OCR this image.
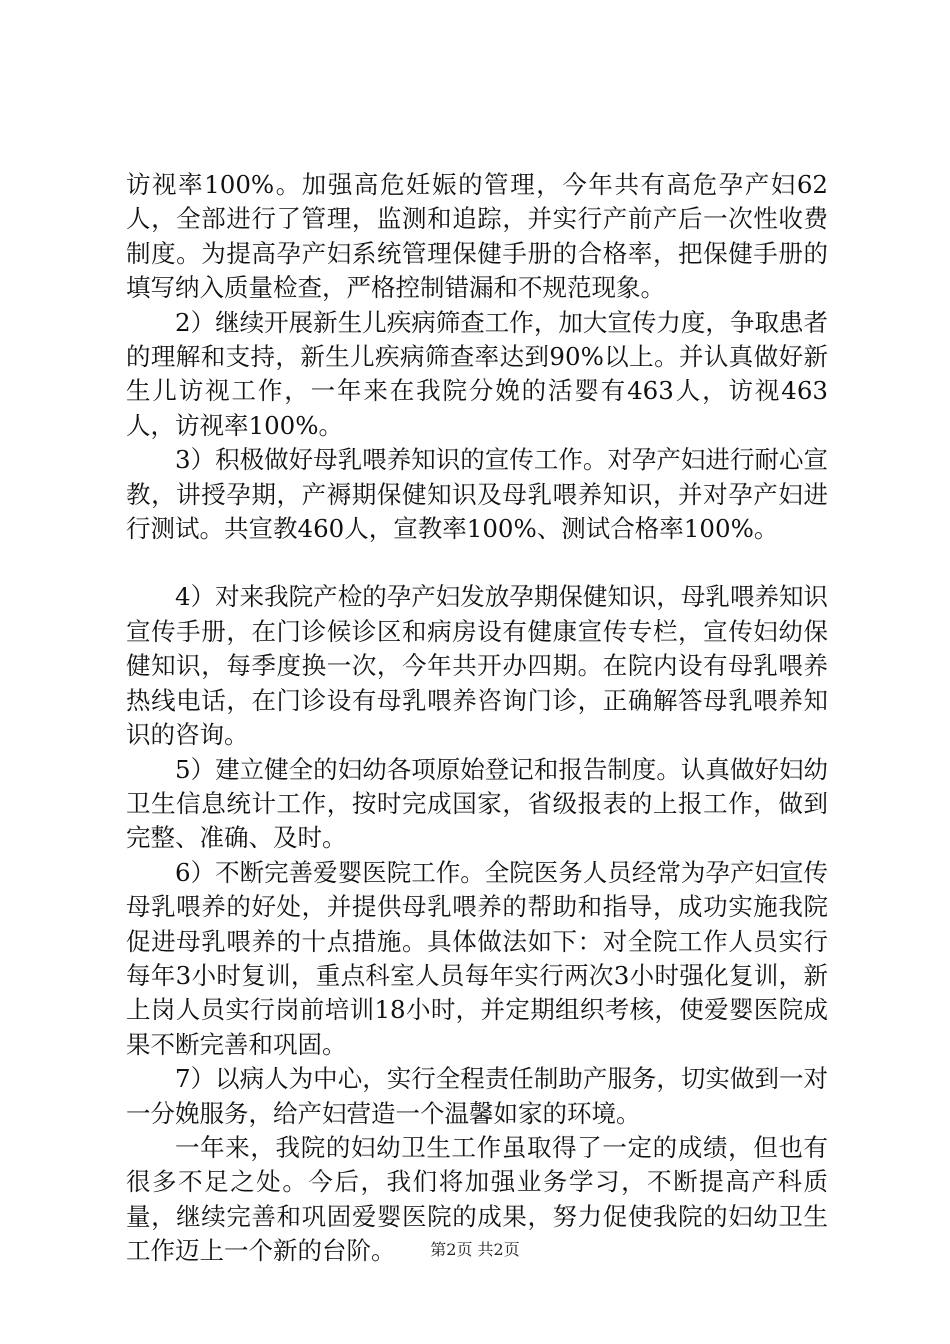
访视率100%。加强高危妊娠的管理，今年共有高危孕产妇62人，全部进行了管理，监测和追踪，并实行产前产后一次性收费制度。为提高孕产妇系统管理保健手册的合格率，把保健手册的填写纳入质量检查，严格控制错漏和不规范现象。

2）继续开展新生儿疾病筛查工作，加大宣传力度，争取患者的理解和支持，新生儿疾病筛查率达到90%以上。并认真做好新生儿访视工作，一年来在我院分娩的活婴有463人，访视463人，访视率100%。

3）积极做好母乳喂养知识的宣传工作。对孕产妇进行耐心宣教，讲授孕期，产褥期保健知识及母乳喂养知识，并对孕产妇进行测试。共宣教460人，宣教率100%、测试合格率100%。

4）对来我院产检的孕产妇发放孕期保健知识，母乳喂养知识宣传手册，在门诊候诊区和病房设有健康宣传专栏，宣传妇幼保健知识，每季度换一次，今年共开办四期。在院内设有母乳喂养热线电话，在门诊设有母乳喂养咨询门诊，正确解答母乳喂养知识的咨询。

5）建立健全的妇幼各项原始登记和报告制度。认真做好妇幼卫生信息统计工作，按时完成国家，省级报表的上报工作，做到完整、准确、及时。

6）不断完善爱婴医院工作。全院医务人员经常为孕产妇宣传母乳喂养的好处，并提供母乳喂养的帮助和指导，成功实施我院促进母乳喂养的十点措施。具体做法如下：对全院工作人员实行每年3小时复训，重点科室人员每年实行两次3小时强化复训，新上岗人员实行岗前培训18小时，并定期组织考核，使爱婴医院成果不断完善和巩固。

7）以病人为中心，实行全程责任制助产服务，切实做到一对一分娩服务，给产妇营造一个温馨如家的环境。

一年来，我院的妇幼卫生工作虽取得了一定的成绩，但也有很多不足之处。今后，我们将加强业务学习，不断提高产科质量，继续完善和巩固爱婴医院的成果，努力促使我院的妇幼卫生工作迈上一个新的台阶。	第2页 共2页
